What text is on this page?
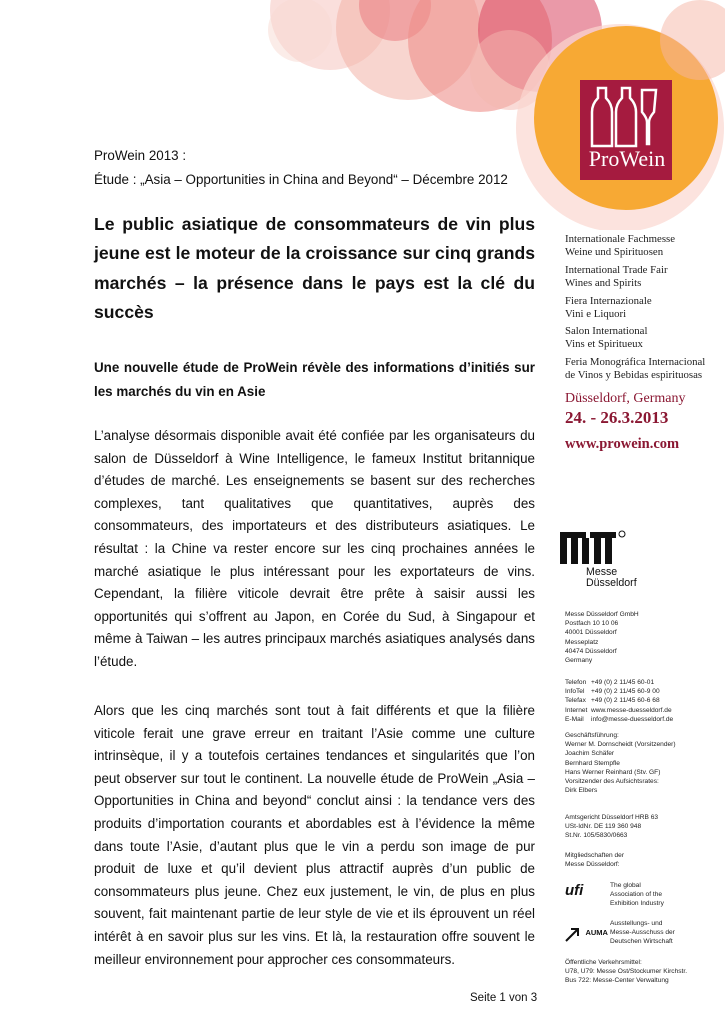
ProWein
ProWein 2013 :
Étude : „Asia – Opportunities in China and Beyond“ – Décembre 2012
Le public asiatique de consommateurs de vin plus jeune est le moteur de la croissance sur cinq grands marchés – la présence dans le pays est la clé du succès
Une nouvelle étude de ProWein révèle des informations d’initiés sur les marchés du vin en Asie
L’analyse désormais disponible avait été confiée par les organisateurs du salon de Düsseldorf à Wine Intelligence, le fameux Institut britannique d’études de marché. Les enseignements se basent sur des recherches complexes, tant qualitatives que quantitatives, auprès des consommateurs, des importateurs et des distributeurs asiatiques. Le résultat : la Chine va rester encore sur les cinq prochaines années le marché asiatique le plus intéressant pour les exportateurs de vins. Cependant, la filière viticole devrait être prête à saisir aussi les opportunités qui s’offrent au Japon, en Corée du Sud, à Singapour et même à Taiwan – les autres principaux marchés asiatiques analysés dans l’étude.
Alors que les cinq marchés sont tout à fait différents et que la filière viticole ferait une grave erreur en traitant l’Asie comme une culture intrinsèque, il y a toutefois certaines tendances et singularités que l’on peut observer sur tout le continent. La nouvelle étude de ProWein „Asia – Opportunities in China and beyond“ conclut ainsi : la tendance vers des produits d’importation courants et abordables est à l’évidence la même dans toute l’Asie, d’autant plus que le vin a perdu son image de pur produit de luxe et qu’il devient plus attractif auprès d’un public de consommateurs plus jeune. Chez eux justement, le vin, de plus en plus souvent, fait maintenant partie de leur style de vie et ils éprouvent un réel intérêt à en savoir plus sur les vins. Et là, la restauration offre souvent le meilleur environnement pour approcher ces consommateurs.
Seite 1 von 3
Internationale Fachmesse
Weine und Spirituosen
International Trade Fair
Wines and Spirits
Fiera Internazionale
Vini e Liquori
Salon International
Vins et Spiritueux
Feria Monográfica Internacional
de Vinos y Bebidas espirituosas
Düsseldorf, Germany
24. - 26.3.2013
www.prowein.com
Messe
Düsseldorf
Messe Düsseldorf GmbH
Postfach 10 10 06
40001 Düsseldorf
Messeplatz
40474 Düsseldorf
Germany
Telefon +49 (0) 2 11/45 60-01
InfoTel +49 (0) 2 11/45 60-9 00
Telefax +49 (0) 2 11/45 60-6 68
Internet www.messe-duesseldorf.de
E-Mail info@messe-duesseldorf.de
Geschäftsführung:
Werner M. Dornscheidt (Vorsitzender)
Joachim Schäfer
Bernhard Stempfle
Hans Werner Reinhard (Stv. GF)
Vorsitzender des Aufsichtsrates:
Dirk Elbers
Amtsgericht Düsseldorf HRB 63
USt-IdNr. DE 119 360 948
St.Nr. 105/5830/0663
Mitgliedschaften der
Messe Düsseldorf:
ufi	The global
Association of the
Exhibition Industry
$^{AUMA}$
Ausstellungs- und
Messe-Ausschuss der
Deutschen Wirtschaft
Öffentliche Verkehrsmittel:
U78, U79: Messe Ost/Stockumer Kirchstr.
Bus 722: Messe-Center Verwaltung
